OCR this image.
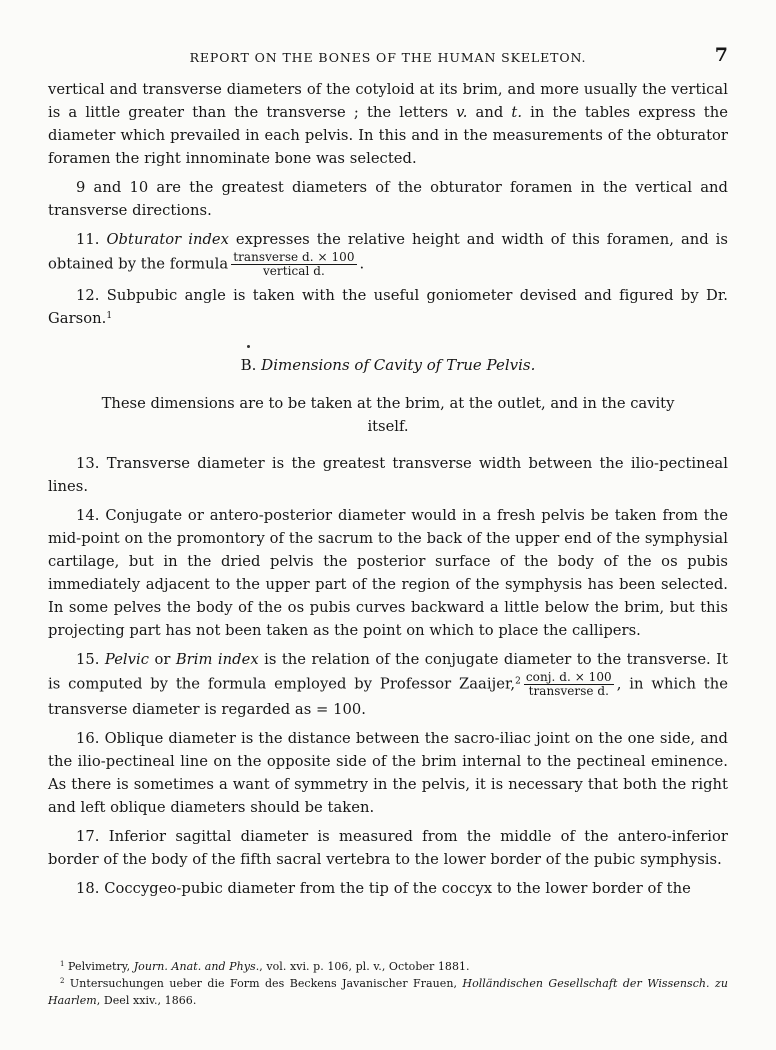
REPORT ON THE BONES OF THE HUMAN SKELETON.	7

vertical and transverse diameters of the cotyloid at its brim, and more usually the vertical is a little greater than the transverse ; the letters v. and t. in the tables express the diameter which prevailed in each pelvis. In this and in the measurements of the obturator foramen the right innominate bone was selected.

9 and 10 are the greatest diameters of the obturator foramen in the vertical and transverse directions.

11. Obturator index expresses the relative height and width of this foramen, and is obtained by the formula $\frac{\text{transverse d. × 100}}{\text{vertical d.}}$ .

12. Subpubic angle is taken with the useful goniometer devised and figured by Dr. Garson.$^1$

B. Dimensions of Cavity of True Pelvis.
These dimensions are to be taken at the brim, at the outlet, and in the cavity itself.

13. Transverse diameter is the greatest transverse width between the ilio-pectineal lines.

14. Conjugate or antero-posterior diameter would in a fresh pelvis be taken from the mid-point on the promontory of the sacrum to the back of the upper end of the symphysial cartilage, but in the dried pelvis the posterior surface of the body of the os pubis immediately adjacent to the upper part of the region of the symphysis has been selected. In some pelves the body of the os pubis curves backward a little below the brim, but this projecting part has not been taken as the point on which to place the callipers.

15. Pelvic or Brim index is the relation of the conjugate diameter to the transverse. It is computed by the formula employed by Professor Zaaijer,$^2$ $\frac{\text{conj. d. × 100}}{\text{transverse d.}}$ , in which the transverse diameter is regarded as = 100.

16. Oblique diameter is the distance between the sacro-iliac joint on the one side, and the ilio-pectineal line on the opposite side of the brim internal to the pectineal eminence. As there is sometimes a want of symmetry in the pelvis, it is necessary that both the right and left oblique diameters should be taken.

17. Inferior sagittal diameter is measured from the middle of the antero-inferior border of the body of the fifth sacral vertebra to the lower border of the pubic symphysis.

18. Coccygeo-pubic diameter from the tip of the coccyx to the lower border of the

$^1$ Pelvimetry, Journ. Anat. and Phys., vol. xvi. p. 106, pl. v., October 1881.

$^2$ Untersuchungen ueber die Form des Beckens Javanischer Frauen, Holländischen Gesellschaft der Wissensch. zu Haarlem, Deel xxiv., 1866.
